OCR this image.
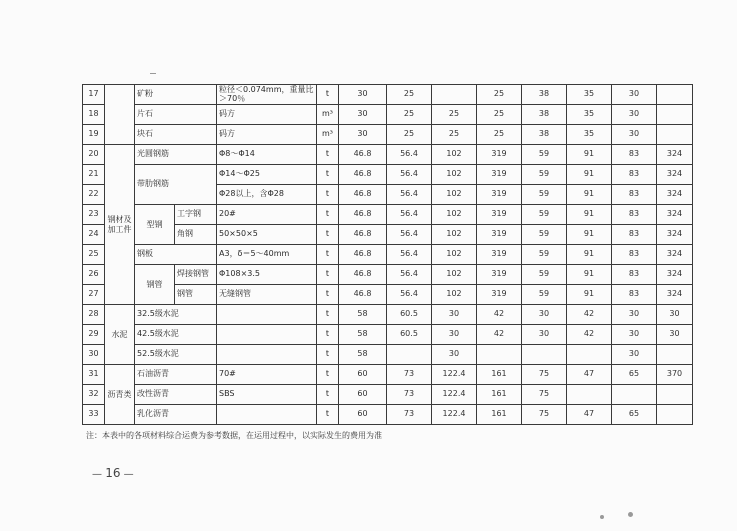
17		矿粉		粒径＜0.074mm，重量比＞70％	t	30	25		25	38	35	30	
18		片石		码方	m³	30	25	25	25	38	35	30	
19		块石		码方	m³	30	25	25	25	38	35	30	
20	钢材及加工件	光圆钢筋		Φ8～Φ14	t	46.8	56.4	102	319	59	91	83	324
21		带肋钢筋		Φ14～Φ25	t	46.8	56.4	102	319	59	91	83	324
22				Φ28以上，含Φ28	t	46.8	56.4	102	319	59	91	83	324
23		型钢	工字钢	20#	t	46.8	56.4	102	319	59	91	83	324
24			角钢	50×50×5	t	46.8	56.4	102	319	59	91	83	324
25		钢板		A3，δ＝5～40mm	t	46.8	56.4	102	319	59	91	83	324
26		钢管	焊接钢管	Φ108×3.5	t	46.8	56.4	102	319	59	91	83	324
27			钢管	无缝钢管	t	46.8	56.4	102	319	59	91	83	324
28	水泥	32.5级水泥			t	58	60.5	30	42	30	42	30	30
29		42.5级水泥			t	58	60.5	30	42	30	42	30	30
30		52.5级水泥			t	58		30				30	
31	沥青类	石油沥青		70#	t	60	73	122.4	161	75	47	65	370
32		改性沥青		SBS	t	60	73	122.4	161	75			
33		乳化沥青			t	60	73	122.4	161	75	47	65	
注：本表中的各项材料综合运费为参考数据，在运用过程中，以实际发生的费用为准
— 16 —
